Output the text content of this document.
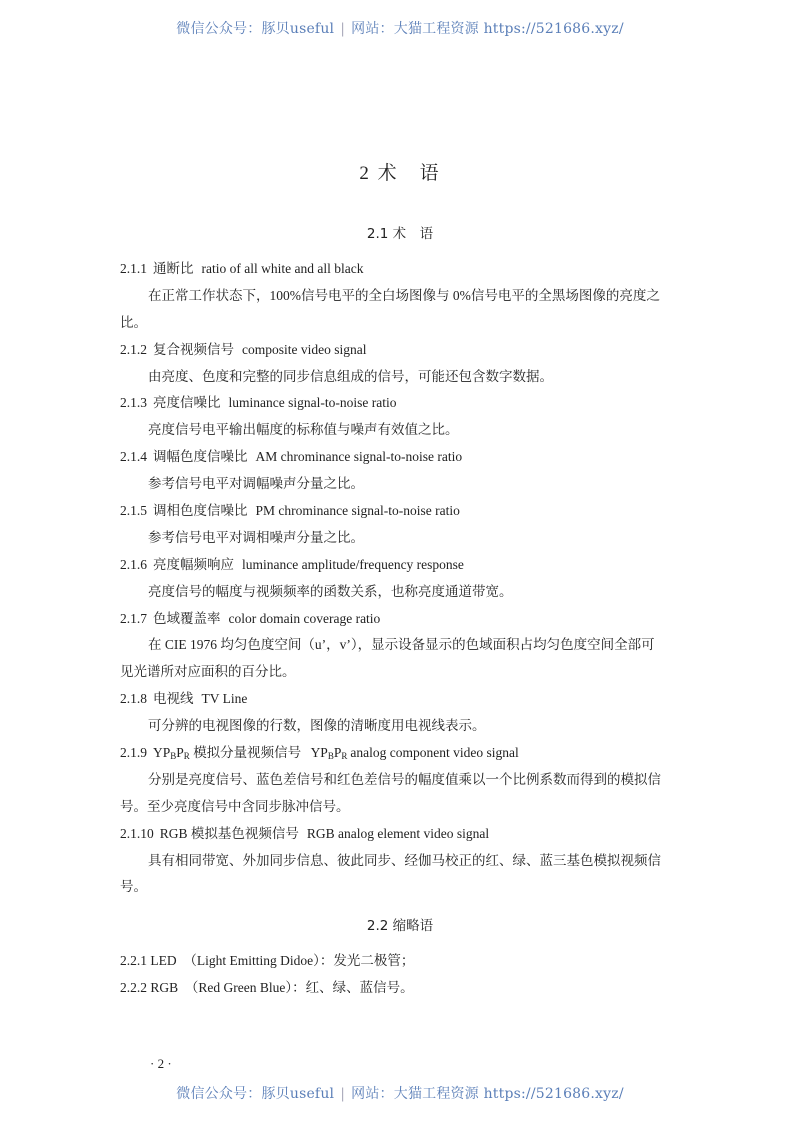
微信公众号：豚贝useful | 网站：大猫工程资源 https://521686.xyz/
2 术　语
2.1 术　语
2.1.1 通断比 ratio of all white and all black
在正常工作状态下，100%信号电平的全白场图像与 0%信号电平的全黑场图像的亮度之
比。
2.1.2 复合视频信号 composite video signal
由亮度、色度和完整的同步信息组成的信号，可能还包含数字数据。
2.1.3 亮度信噪比 luminance signal-to-noise ratio
亮度信号电平输出幅度的标称值与噪声有效值之比。
2.1.4 调幅色度信噪比 AM chrominance signal-to-noise ratio
参考信号电平对调幅噪声分量之比。
2.1.5 调相色度信噪比 PM chrominance signal-to-noise ratio
参考信号电平对调相噪声分量之比。
2.1.6 亮度幅频响应 luminance amplitude/frequency response
亮度信号的幅度与视频频率的函数关系，也称亮度通道带宽。
2.1.7 色域覆盖率 color domain coverage ratio
在 CIE 1976 均匀色度空间（u’，v’），显示设备显示的色域面积占均匀色度空间全部可
见光谱所对应面积的百分比。
2.1.8 电视线 TV Line
可分辨的电视图像的行数，图像的清晰度用电视线表示。
2.1.9 $YP_BP_R$ 模拟分量视频信号 $YP_BP_R$ analog component video signal
分别是亮度信号、蓝色差信号和红色差信号的幅度值乘以一个比例系数而得到的模拟信
号。至少亮度信号中含同步脉冲信号。
2.1.10 RGB 模拟基色视频信号 RGB analog element video signal
具有相同带宽、外加同步信息、彼此同步、经伽马校正的红、绿、蓝三基色模拟视频信
号。
2.2 缩略语
2.2.1 LED　（Light Emitting Didoe）：发光二极管；
2.2.2 RGB　（Red Green Blue）：红、绿、蓝信号。
· 2 ·
微信公众号：豚贝useful | 网站：大猫工程资源 https://521686.xyz/
